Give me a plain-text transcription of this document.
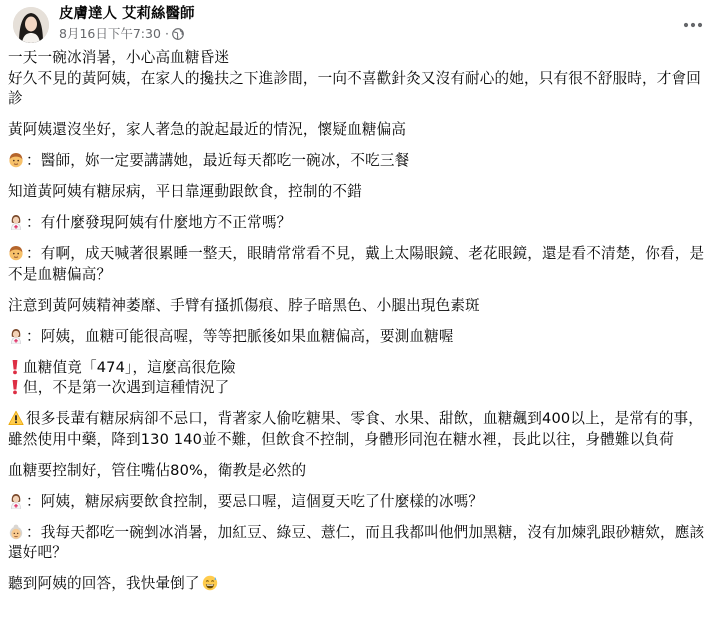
皮膚達人 艾莉絲醫師
8月16日下午7:30 ·

一天一碗冰消暑，小心高血糖昏迷

好久不見的黃阿姨，在家人的攙扶之下進診間，一向不喜歡針灸又沒有耐心的她，只有很不舒服時，才會回診

黃阿姨還沒坐好，家人著急的說起最近的情況，懷疑血糖偏高

：醫師，妳一定要講講她，最近每天都吃一碗冰，不吃三餐

知道黃阿姨有糖尿病，平日靠運動跟飲食，控制的不錯

：有什麼發現阿姨有什麼地方不正常嗎？

：有啊，成天喊著很累睡一整天，眼睛常常看不見，戴上太陽眼鏡、老花眼鏡，還是看不清楚，你看，是不是血糖偏高？

注意到黃阿姨精神萎靡、手臂有搔抓傷痕、脖子暗黑色、小腿出現色素斑

：阿姨，血糖可能很高喔，等等把脈後如果血糖偏高，要測血糖喔

血糖值竟「474」，這麼高很危險

但，不是第一次遇到這種情況了

很多長輩有糖尿病卻不忌口，背著家人偷吃糖果、零食、水果、甜飲，血糖飆到400以上，是常有的事，雖然使用中藥，降到130 140並不難，但飲食不控制，身體形同泡在糖水裡，長此以往，身體難以負荷

血糖要控制好，管住嘴佔80%，衛教是必然的

：阿姨，糖尿病要飲食控制，要忌口喔，這個夏天吃了什麼樣的冰嗎？

：我每天都吃一碗剉冰消暑，加紅豆、綠豆、薏仁，而且我都叫他們加黑糖，沒有加煉乳跟砂糖欸，應該還好吧？

聽到阿姨的回答，我快暈倒了
